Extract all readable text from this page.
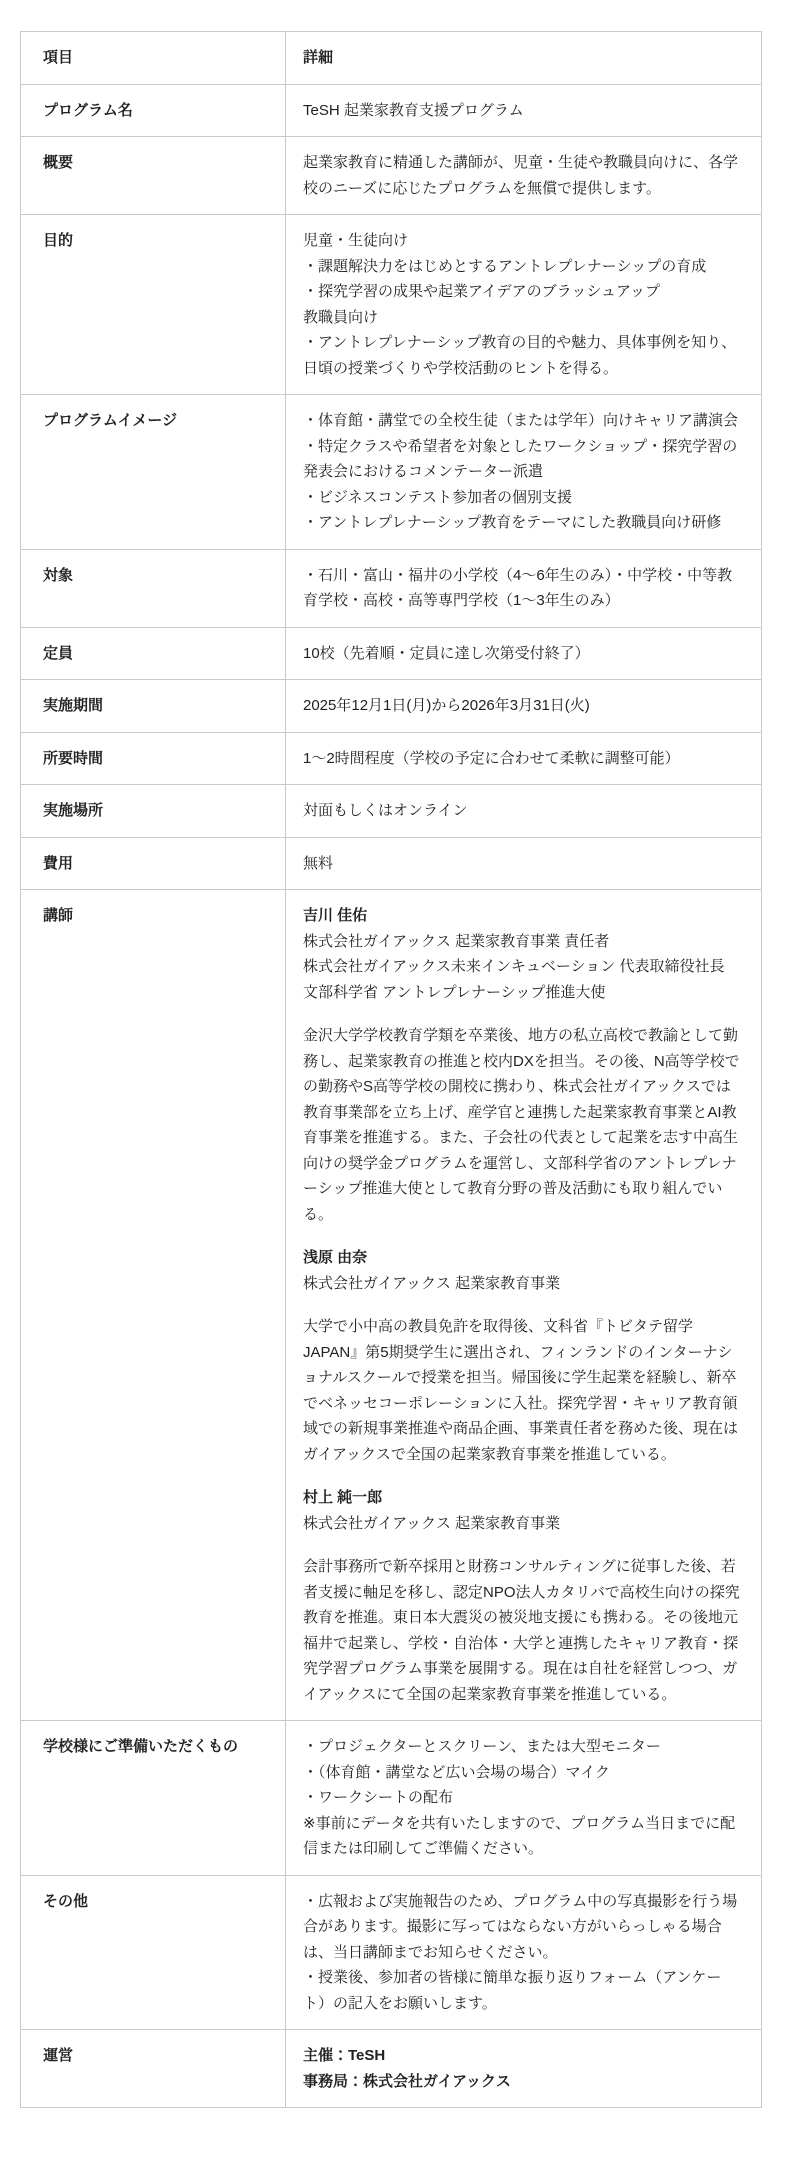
項目	詳細
プログラム名	TeSH 起業家教育支援プログラム

概要	起業家教育に精通した講師が、児童・生徒や教職員向けに、各学校のニーズに応じたプログラムを無償で提供します。

目的	児童・生徒向け
・課題解決力をはじめとするアントレプレナーシップの育成
・探究学習の成果や起業アイデアのブラッシュアップ
教職員向け
・アントレプレナーシップ教育の目的や魅力、具体事例を知り、日頃の授業づくりや学校活動のヒントを得る。

プログラムイメージ	・体育館・講堂での全校生徒（または学年）向けキャリア講演会
・特定クラスや希望者を対象としたワークショップ・探究学習の発表会におけるコメンテーター派遣
・ビジネスコンテスト参加者の個別支援
・アントレプレナーシップ教育をテーマにした教職員向け研修

対象	・石川・富山・福井の小学校（4〜6年生のみ）・中学校・中等教育学校・高校・高等専門学校（1〜3年生のみ）

定員	10校（先着順・定員に達し次第受付終了）

実施期間	2025年12月1日(月)から2026年3月31日(火)

所要時間	1〜2時間程度（学校の予定に合わせて柔軟に調整可能）

実施場所	対面もしくはオンライン

費用	無料

講師	吉川 佳佑
株式会社ガイアックス 起業家教育事業 責任者
株式会社ガイアックス未来インキュベーション 代表取締役社長
文部科学省 アントレプレナーシップ推進大使

金沢大学学校教育学類を卒業後、地方の私立高校で教諭として勤務し、起業家教育の推進と校内DXを担当。その後、N高等学校での勤務やS高等学校の開校に携わり、株式会社ガイアックスでは教育事業部を立ち上げ、産学官と連携した起業家教育事業とAI教育事業を推進する。また、子会社の代表として起業を志す中高生向けの奨学金プログラムを運営し、文部科学省のアントレプレナーシップ推進大使として教育分野の普及活動にも取り組んでいる。

浅原 由奈
株式会社ガイアックス 起業家教育事業

大学で小中高の教員免許を取得後、文科省『トビタテ留学JAPAN』第5期奨学生に選出され、フィンランドのインターナショナルスクールで授業を担当。帰国後に学生起業を経験し、新卒でベネッセコーポレーションに入社。探究学習・キャリア教育領域での新規事業推進や商品企画、事業責任者を務めた後、現在はガイアックスで全国の起業家教育事業を推進している。

村上 純一郎
株式会社ガイアックス 起業家教育事業

会計事務所で新卒採用と財務コンサルティングに従事した後、若者支援に軸足を移し、認定NPO法人カタリバで高校生向けの探究教育を推進。東日本大震災の被災地支援にも携わる。その後地元福井で起業し、学校・自治体・大学と連携したキャリア教育・探究学習プログラム事業を展開する。現在は自社を経営しつつ、ガイアックスにて全国の起業家教育事業を推進している。

学校様にご準備いただくもの	・プロジェクターとスクリーン、または大型モニター
・（体育館・講堂など広い会場の場合）マイク
・ワークシートの配布
※事前にデータを共有いたしますので、プログラム当日までに配信または印刷してご準備ください。

その他	・広報および実施報告のため、プログラム中の写真撮影を行う場合があります。撮影に写ってはならない方がいらっしゃる場合は、当日講師までお知らせください。
・授業後、参加者の皆様に簡単な振り返りフォーム（アンケート）の記入をお願いします。

運営	主催：TeSH
事務局：株式会社ガイアックス
